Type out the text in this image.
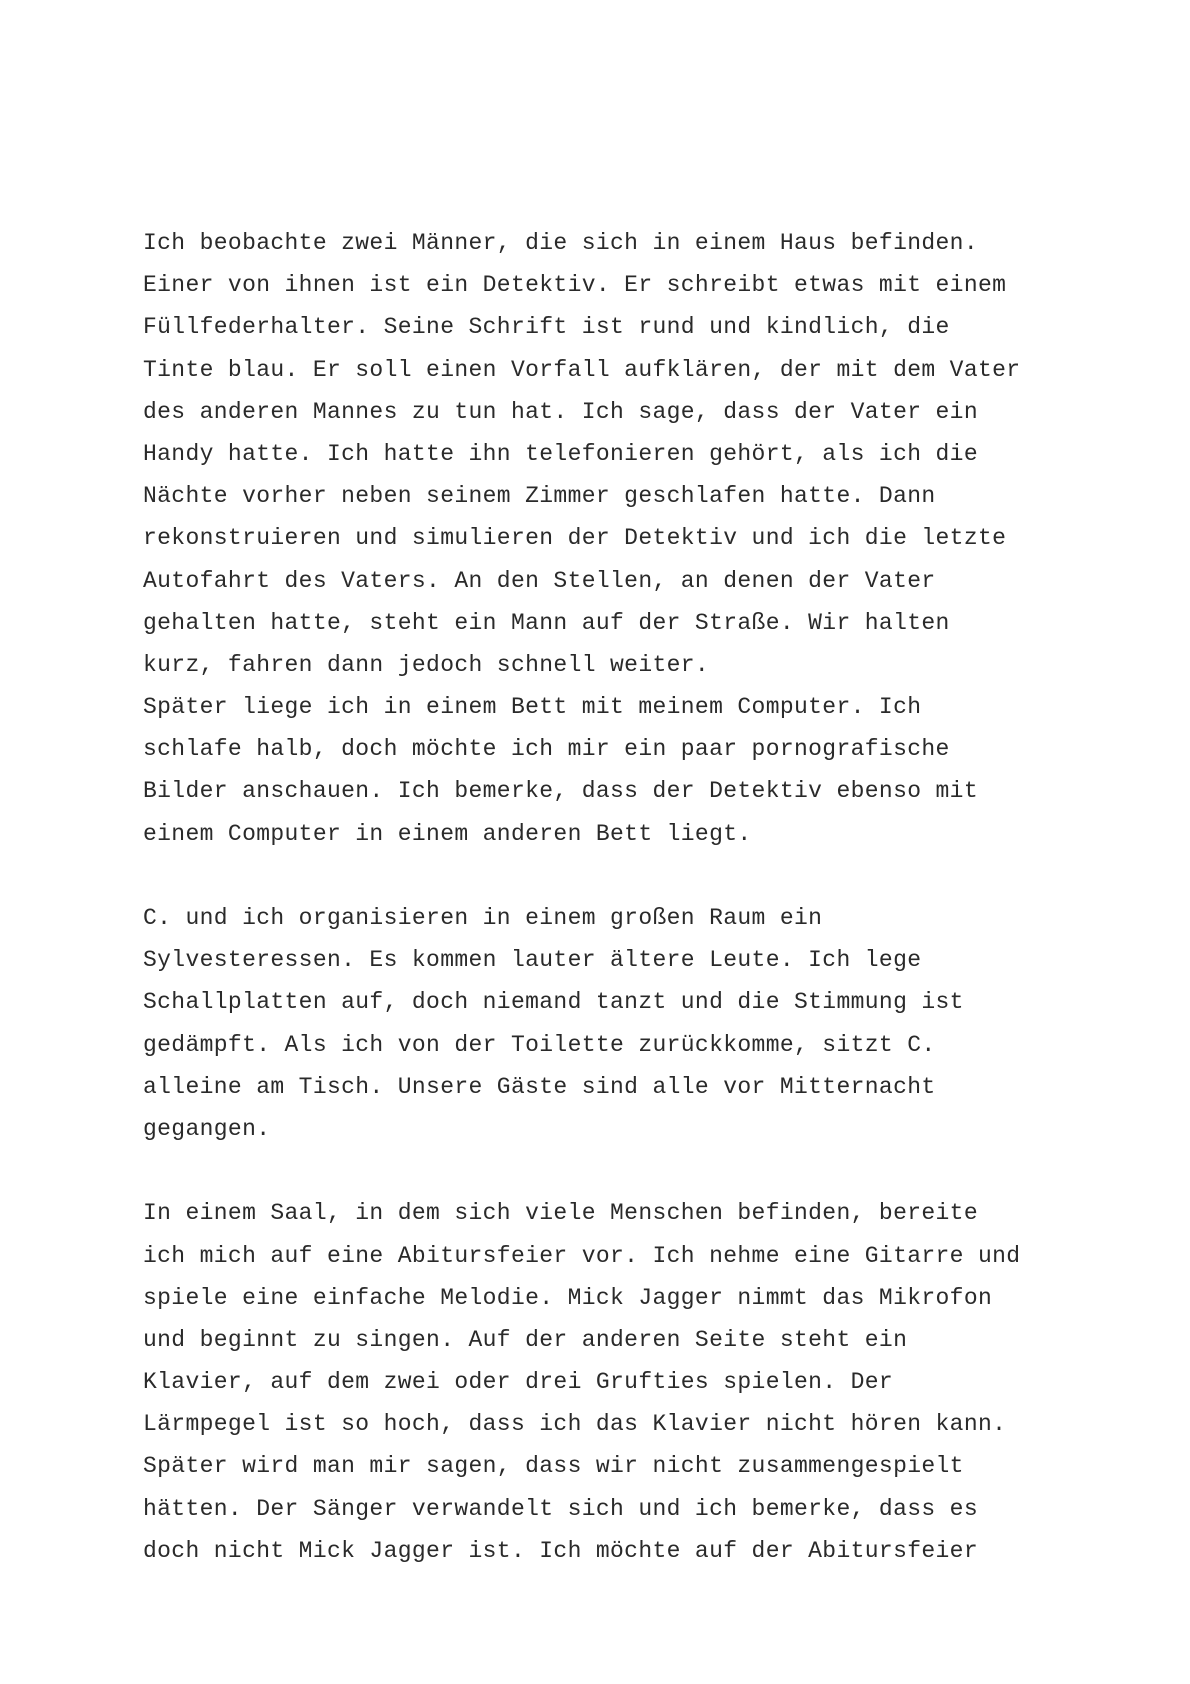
Ich beobachte zwei Männer, die sich in einem Haus befinden.
Einer von ihnen ist ein Detektiv. Er schreibt etwas mit einem
Füllfederhalter. Seine Schrift ist rund und kindlich, die
Tinte blau. Er soll einen Vorfall aufklären, der mit dem Vater
des anderen Mannes zu tun hat. Ich sage, dass der Vater ein
Handy hatte. Ich hatte ihn telefonieren gehört, als ich die
Nächte vorher neben seinem Zimmer geschlafen hatte. Dann
rekonstruieren und simulieren der Detektiv und ich die letzte
Autofahrt des Vaters. An den Stellen, an denen der Vater
gehalten hatte, steht ein Mann auf der Straße. Wir halten
kurz, fahren dann jedoch schnell weiter.
Später liege ich in einem Bett mit meinem Computer. Ich
schlafe halb, doch möchte ich mir ein paar pornografische
Bilder anschauen. Ich bemerke, dass der Detektiv ebenso mit
einem Computer in einem anderen Bett liegt.
C. und ich organisieren in einem großen Raum ein
Sylvesteressen. Es kommen lauter ältere Leute. Ich lege
Schallplatten auf, doch niemand tanzt und die Stimmung ist
gedämpft. Als ich von der Toilette zurückkomme, sitzt C.
alleine am Tisch. Unsere Gäste sind alle vor Mitternacht
gegangen.
In einem Saal, in dem sich viele Menschen befinden, bereite
ich mich auf eine Abitursfeier vor. Ich nehme eine Gitarre und
spiele eine einfache Melodie. Mick Jagger nimmt das Mikrofon
und beginnt zu singen. Auf der anderen Seite steht ein
Klavier, auf dem zwei oder drei Grufties spielen. Der
Lärmpegel ist so hoch, dass ich das Klavier nicht hören kann.
Später wird man mir sagen, dass wir nicht zusammengespielt
hätten. Der Sänger verwandelt sich und ich bemerke, dass es
doch nicht Mick Jagger ist. Ich möchte auf der Abitursfeier
